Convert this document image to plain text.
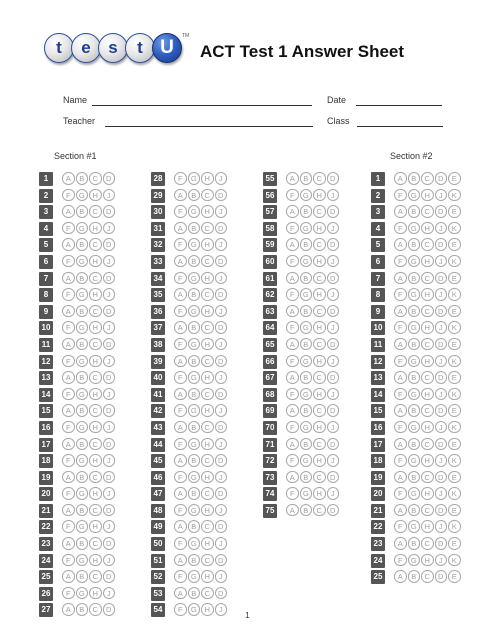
t	e	s	t U
TM
ACT Test 1 Answer Sheet
Name	Date
Teacher	Class
Section #1	Section #2
1	A	B	C	D
2	F	G	H	J
3	A	B	C	D
4	F	G	H	J
5	A	B	C	D
6	F	G	H	J
7	A	B	C	D
8	F	G	H	J
9	A	B	C	D
10	F	G	H	J
11	A	B	C	D
12	F	G	H	J
13	A	B	C	D
14	F	G	H	J
15	A	B	C	D
16	F	G	H	J
17	A	B	C	D
18	F	G	H	J
19	A	B	C	D
20	F	G	H	J
21	A	B	C	D
22	F	G	H	J
23	A	B	C	D
24	F	G	H	J
25	A	B	C	D
26	F	G	H	J
27	A	B	C	D
28	F	G	H	J
29	A	B	C	D
30	F	G	H	J
31	A	B	C	D
32	F	G	H	J
33	A	B	C	D
34	F	G	H	J
35	A	B	C	D
36	F	G	H	J
37	A	B	C	D
38	F	G	H	J
39	A	B	C	D
40	F	G	H	J
41	A	B	C	D
42	F	G	H	J
43	A	B	C	D
44	F	G	H	J
45	A	B	C	D
46	F	G	H	J
47	A	B	C	D
48	F	G	H	J
49	A	B	C	D
50	F	G	H	J
51	A	B	C	D
52	F	G	H	J
53	A	B	C	D
54	F	G	H	J
55	A	B	C	D
56	F	G	H	J
57	A	B	C	D
58	F	G	H	J
59	A	B	C	D
60	F	G	H	J
61	A	B	C	D
62	F	G	H	J
63	A	B	C	D
64	F	G	H	J
65	A	B	C	D
66	F	G	H	J
67	A	B	C	D
68	F	G	H	J
69	A	B	C	D
70	F	G	H	J
71	A	B	C	D
72	F	G	H	J
73	A	B	C	D
74	F	G	H	J
75	A	B	C	D
1	A	B	C	D	E
2	F	G	H	J	K
3	A	B	C	D	E
4	F	G	H	J	K
5	A	B	C	D	E
6	F	G	H	J	K
7	A	B	C	D	E
8	F	G	H	J	K
9	A	B	C	D	E
10	F	G	H	J	K
11	A	B	C	D	E
12	F	G	H	J	K
13	A	B	C	D	E
14	F	G	H	J	K
15	A	B	C	D	E
16	F	G	H	J	K
17	A	B	C	D	E
18	F	G	H	J	K
19	A	B	C	D	E
20	F	G	H	J	K
21	A	B	C	D	E
22	F	G	H	J	K
23	A	B	C	D	E
24	F	G	H	J	K
25	A	B	C	D	E
1
